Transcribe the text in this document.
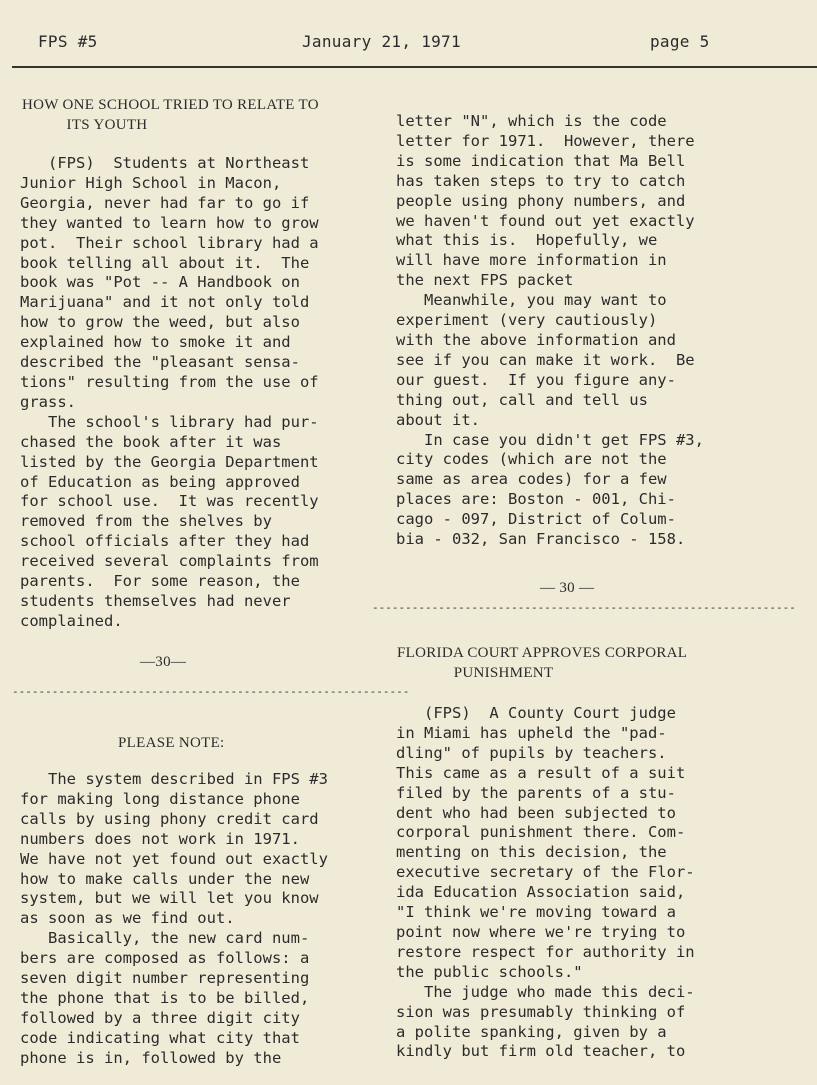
FPS #5	January 21, 1971	page 5
HOW ONE SCHOOL TRIED TO RELATE TO
ITS YOUTH
(FPS)  Students at Northeast
Junior High School in Macon,
Georgia, never had far to go if
they wanted to learn how to grow
pot.  Their school library had a
book telling all about it.  The
book was "Pot -- A Handbook on
Marijuana" and it not only told
how to grow the weed, but also
explained how to smoke it and
described the "pleasant sensa-
tions" resulting from the use of
grass.
The school's library had pur-
chased the book after it was
listed by the Georgia Department
of Education as being approved
for school use.  It was recently
removed from the shelves by
school officials after they had
received several complaints from
parents.  For some reason, the
students themselves had never
complained.
—30—
------------------------------------------------------------
PLEASE NOTE:
The system described in FPS #3
for making long distance phone
calls by using phony credit card
numbers does not work in 1971.
We have not yet found out exactly
how to make calls under the new
system, but we will let you know
as soon as we find out.
Basically, the new card num-
bers are composed as follows: a
seven digit number representing
the phone that is to be billed,
followed by a three digit city
code indicating what city that
phone is in, followed by the
letter "N", which is the code
letter for 1971.  However, there
is some indication that Ma Bell
has taken steps to try to catch
people using phony numbers, and
we haven't found out yet exactly
what this is.  Hopefully, we
will have more information in
the next FPS packet
Meanwhile, you may want to
experiment (very cautiously)
with the above information and
see if you can make it work.  Be
our guest.  If you figure any-
thing out, call and tell us
about it.
In case you didn't get FPS #3,
city codes (which are not the
same as area codes) for a few
places are: Boston - 001, Chi-
cago - 097, District of Colum-
bia - 032, San Francisco - 158.
— 30 —
----------------------------------------------------------------
FLORIDA COURT APPROVES CORPORAL
PUNISHMENT
(FPS)  A County Court judge
in Miami has upheld the "pad-
dling" of pupils by teachers.
This came as a result of a suit
filed by the parents of a stu-
dent who had been subjected to
corporal punishment there. Com-
menting on this decision, the
executive secretary of the Flor-
ida Education Association said,
"I think we're moving toward a
point now where we're trying to
restore respect for authority in
the public schools."
The judge who made this deci-
sion was presumably thinking of
a polite spanking, given by a
kindly but firm old teacher, to
